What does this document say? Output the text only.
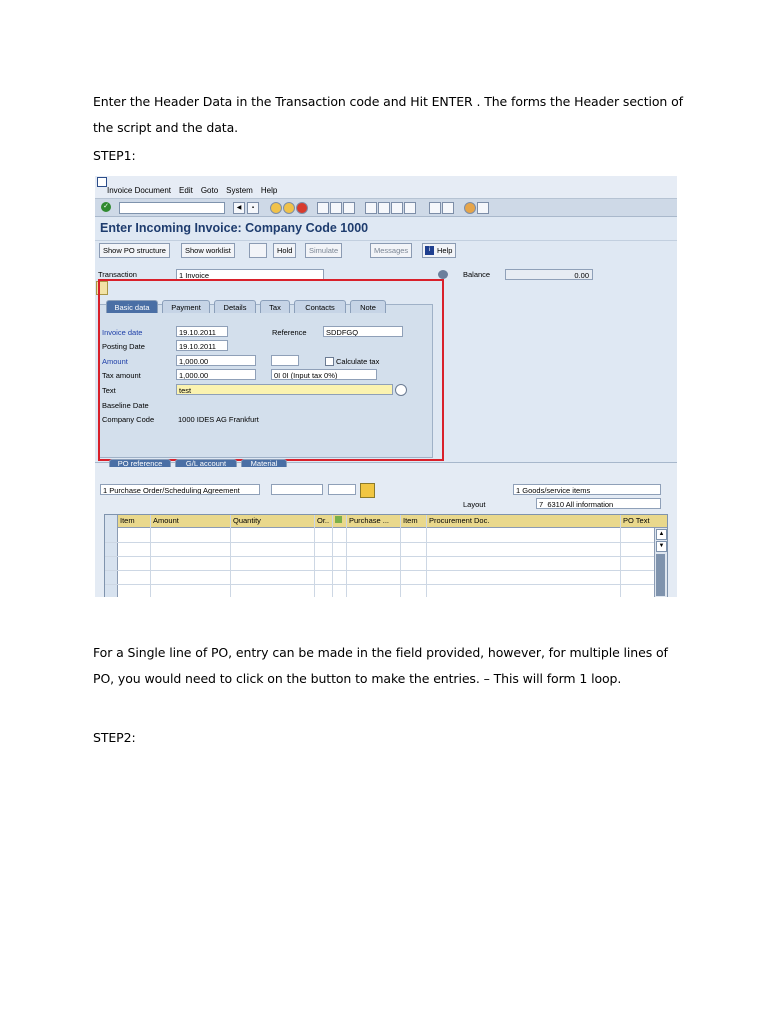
Enter the Header Data in the Transaction code and Hit ENTER . The forms the Header section of the script and the data.
STEP1:
Invoice Document Edit Goto System Help
✓	◀	▪
Enter Incoming Invoice: Company Code 1000
Show PO structure	Show worklist	Hold	Simulate	Messages	i Help
Transaction	1 Invoice	Balance	0.00
Basic data	Payment	Details	Tax	Contacts	Note
Invoice date	19.10.2011	Reference	SDDFGQ
Posting Date	19.10.2011
Amount	1,000.00	Calculate tax
Tax amount	1,000.00	0I 0I (Input tax 0%)
Text	test
Baseline Date
Company Code	1000 IDES AG Frankfurt
PO reference	G/L account	Material
1 Purchase Order/Scheduling Agreement	1 Goods/service items
Layout	7_6310 All information
Item	Amount	Quantity	Or..	Purchase ...	Item	Procurement Doc.	PO Text
▲
▼
For a Single line of PO, entry can be made in the field provided, however, for multiple lines of PO, you would need to click on the button to make the entries. – This will form 1 loop.
STEP2:
